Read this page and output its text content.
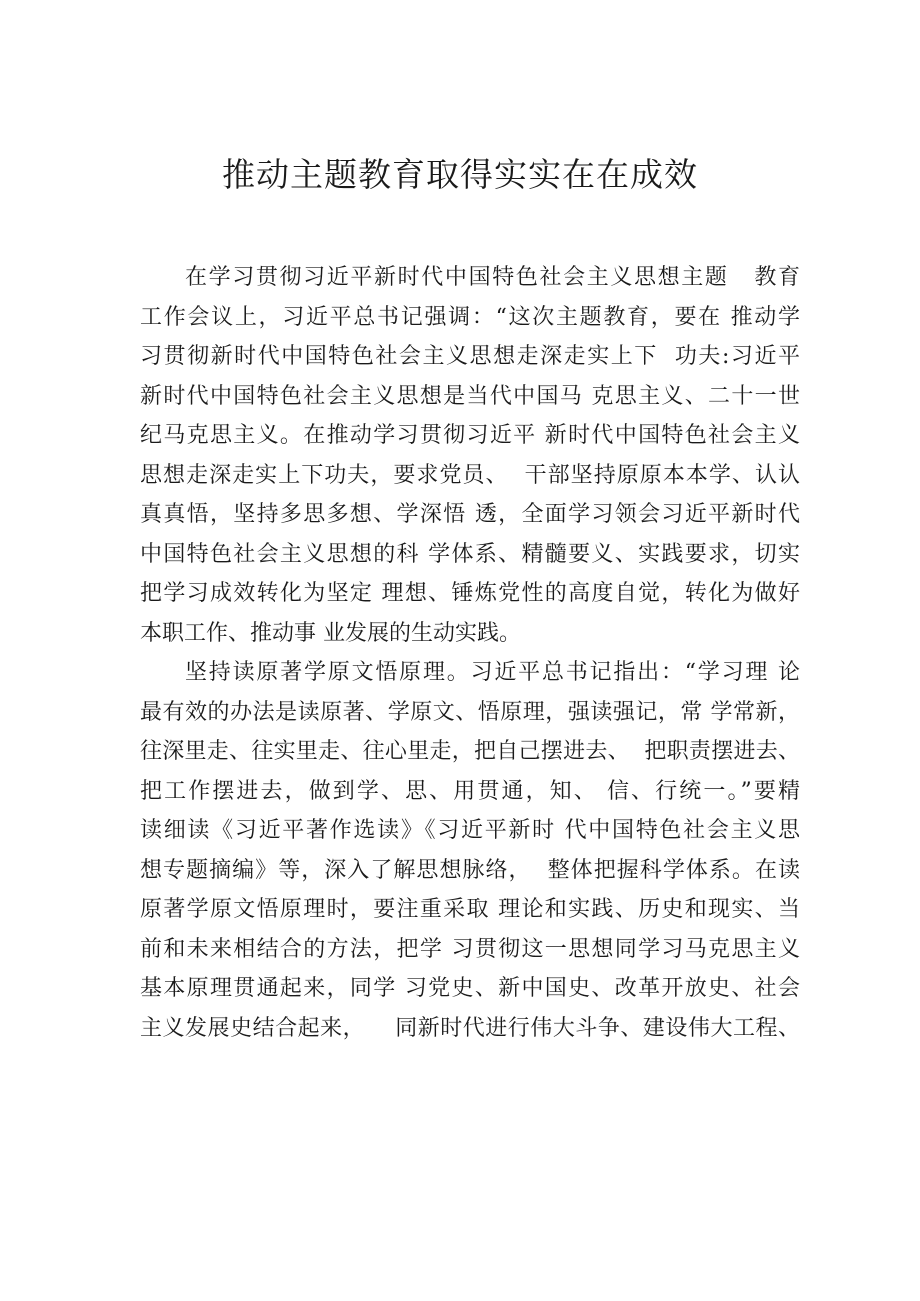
推动主题教育取得实实在在成效
在学习贯彻习近平新时代中国特色社会主义思想主题   教育
工作会议上，习近平总书记强调：“这次主题教育，要在 推动学
习贯彻新时代中国特色社会主义思想走深走实上下  功夫:习近平
新时代中国特色社会主义思想是当代中国马 克思主义、二十一世
纪马克思主义。在推动学习贯彻习近平 新时代中国特色社会主义
思想走深走实上下功夫，要求党员、  干部坚持原原本本学、认认
真真悟，坚持多思多想、学深悟 透，全面学习领会习近平新时代
中国特色社会主义思想的科 学体系、精髓要义、实践要求，切实
把学习成效转化为坚定 理想、锤炼党性的高度自觉，转化为做好
本职工作、推动事 业发展的生动实践。
坚持读原著学原文悟原理。习近平总书记指出：“学习理 论
最有效的办法是读原著、学原文、悟原理，强读强记，常 学常新，
往深里走、往实里走、往心里走，把自己摆进去、  把职责摆进去、
把工作摆进去，做到学、思、用贯通，知、 信、行统一。”要精
读细读《习近平著作选读》《习近平新时 代中国特色社会主义思
想专题摘编》等，深入了解思想脉络，  整体把握科学体系。在读
原著学原文悟原理时，要注重采取 理论和实践、历史和现实、当
前和未来相结合的方法，把学 习贯彻这一思想同学习马克思主义
基本原理贯通起来，同学 习党史、新中国史、改革开放史、社会
主义发展史结合起来，    同新时代进行伟大斗争、建设伟大工程、
